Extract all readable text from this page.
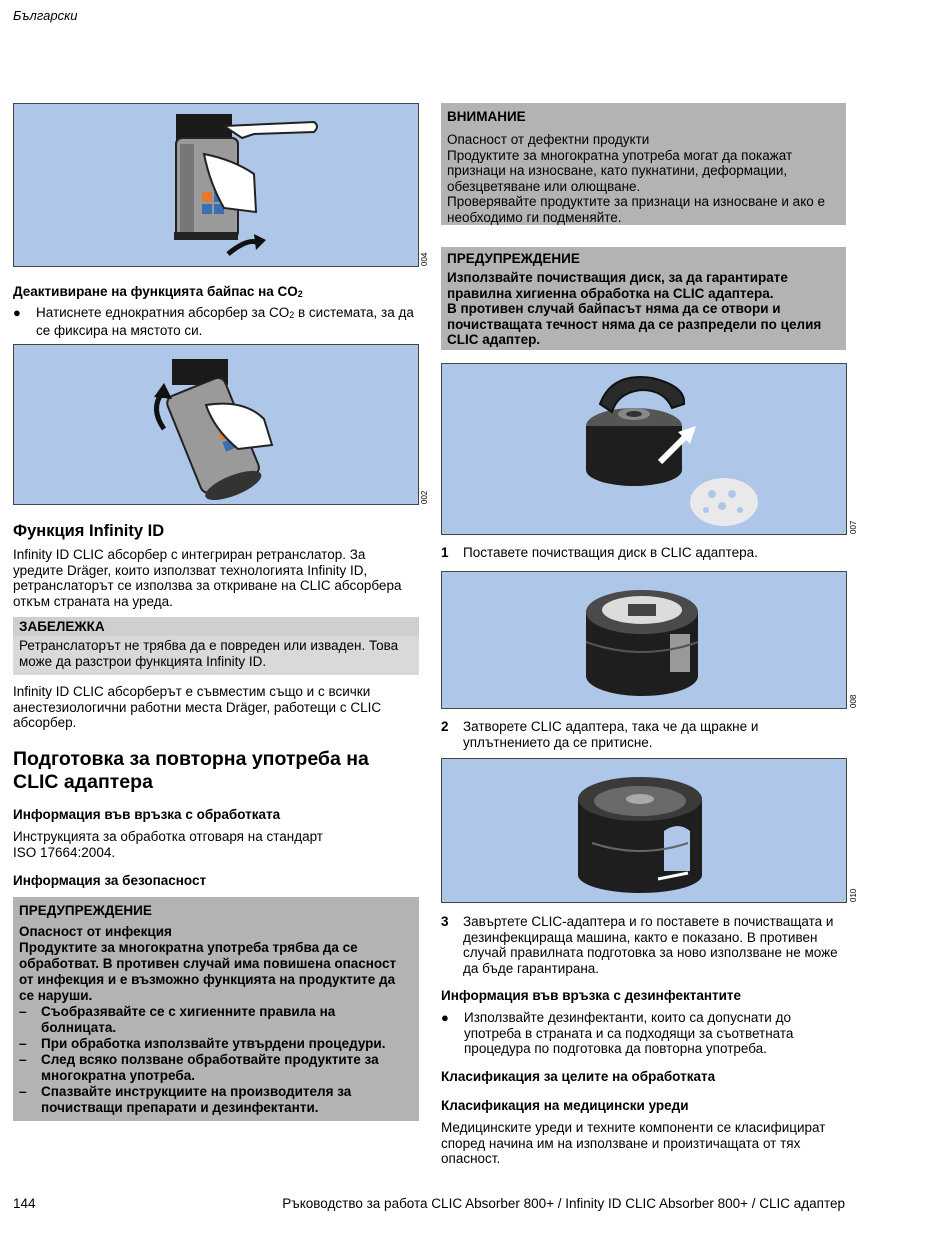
Български
004
Деактивиране на функцията байпас на $CO_2$
●	Натиснете еднократния абсорбер за $CO_2$ в системата, за да се фиксира на мястото си.

002
Функция Infinity ID

Infinity ID CLIC абсорбер с интегриран ретранслатор. За уредите Dräger, които използват технологията Infinity ID, ретранслаторът се използва за откриване на CLIC абсорбера откъм страната на уреда.

ЗАБЕЛЕЖКА
Ретранслаторът не трябва да е повреден или изваден. Това може да разстрои функцията Infinity ID.

Infinity ID CLIC абсорберът е съвместим също и с всички анестезиологични работни места Dräger, работещи с CLIC абсорбер.

Подготовка за повторна употреба на CLIC адаптера
Информация във връзка с обработката

Инструкцията за обработка отговаря на стандарт

ISO 17664:2004.

Информация за безопасност
ПРЕДУПРЕЖДЕНИЕ

Опасност от инфекция

Продуктите за многократна употреба трябва да се обработват. В противен случай има повишена опасност от инфекция и е възможно функцията на продуктите да се наруши.

–	Съобразявайте се с хигиенните правила на болницата.
–	При обработка използвайте утвърдени процедури.
–	След всяко ползване обработвайте продуктите за многократна употреба.
–	Спазвайте инструкциите на производителя за почистващи препарати и дезинфектанти.
ВНИМАНИЕ

Опасност от дефектни продукти

Продуктите за многократна употреба могат да покажат признаци на износване, като пукнатини, деформации, обезцветяване или олющване.

Проверявайте продуктите за признаци на износване и ако е необходимо ги подменяйте.

ПРЕДУПРЕЖДЕНИЕ

Използвайте почистващия диск, за да гарантирате правилна хигиенна обработка на CLIC адаптера.

В противен случай байпасът няма да се отвори и почистващата течност няма да се разпредели по целия CLIC адаптер.

007
1	Поставете почистващия диск в CLIC адаптера.

008
2	Затворете CLIC адаптера, така че да щракне и уплътнението да се притисне.

010
3	Завъртете CLIC-адаптера и го поставете в почистващата и дезинфекцираща машина, както е показано. В противен случай правилната подготовка за ново използване не може да бъде гарантирана.

Информация във връзка с дезинфектантите
●	Използвайте дезинфектанти, които са допуснати до употреба в страната и са подходящи за съответната процедура по подготовка да повторна употреба.

Класификация за целите на обработката
Класификация на медицински уреди

Медицинските уреди и техните компоненти се класифицират според начина им на използване и произтичащата от тях опасност.

144	Ръководство за работа CLIC Absorber 800+ / Infinity ID CLIC Absorber 800+ / CLIC адаптер
